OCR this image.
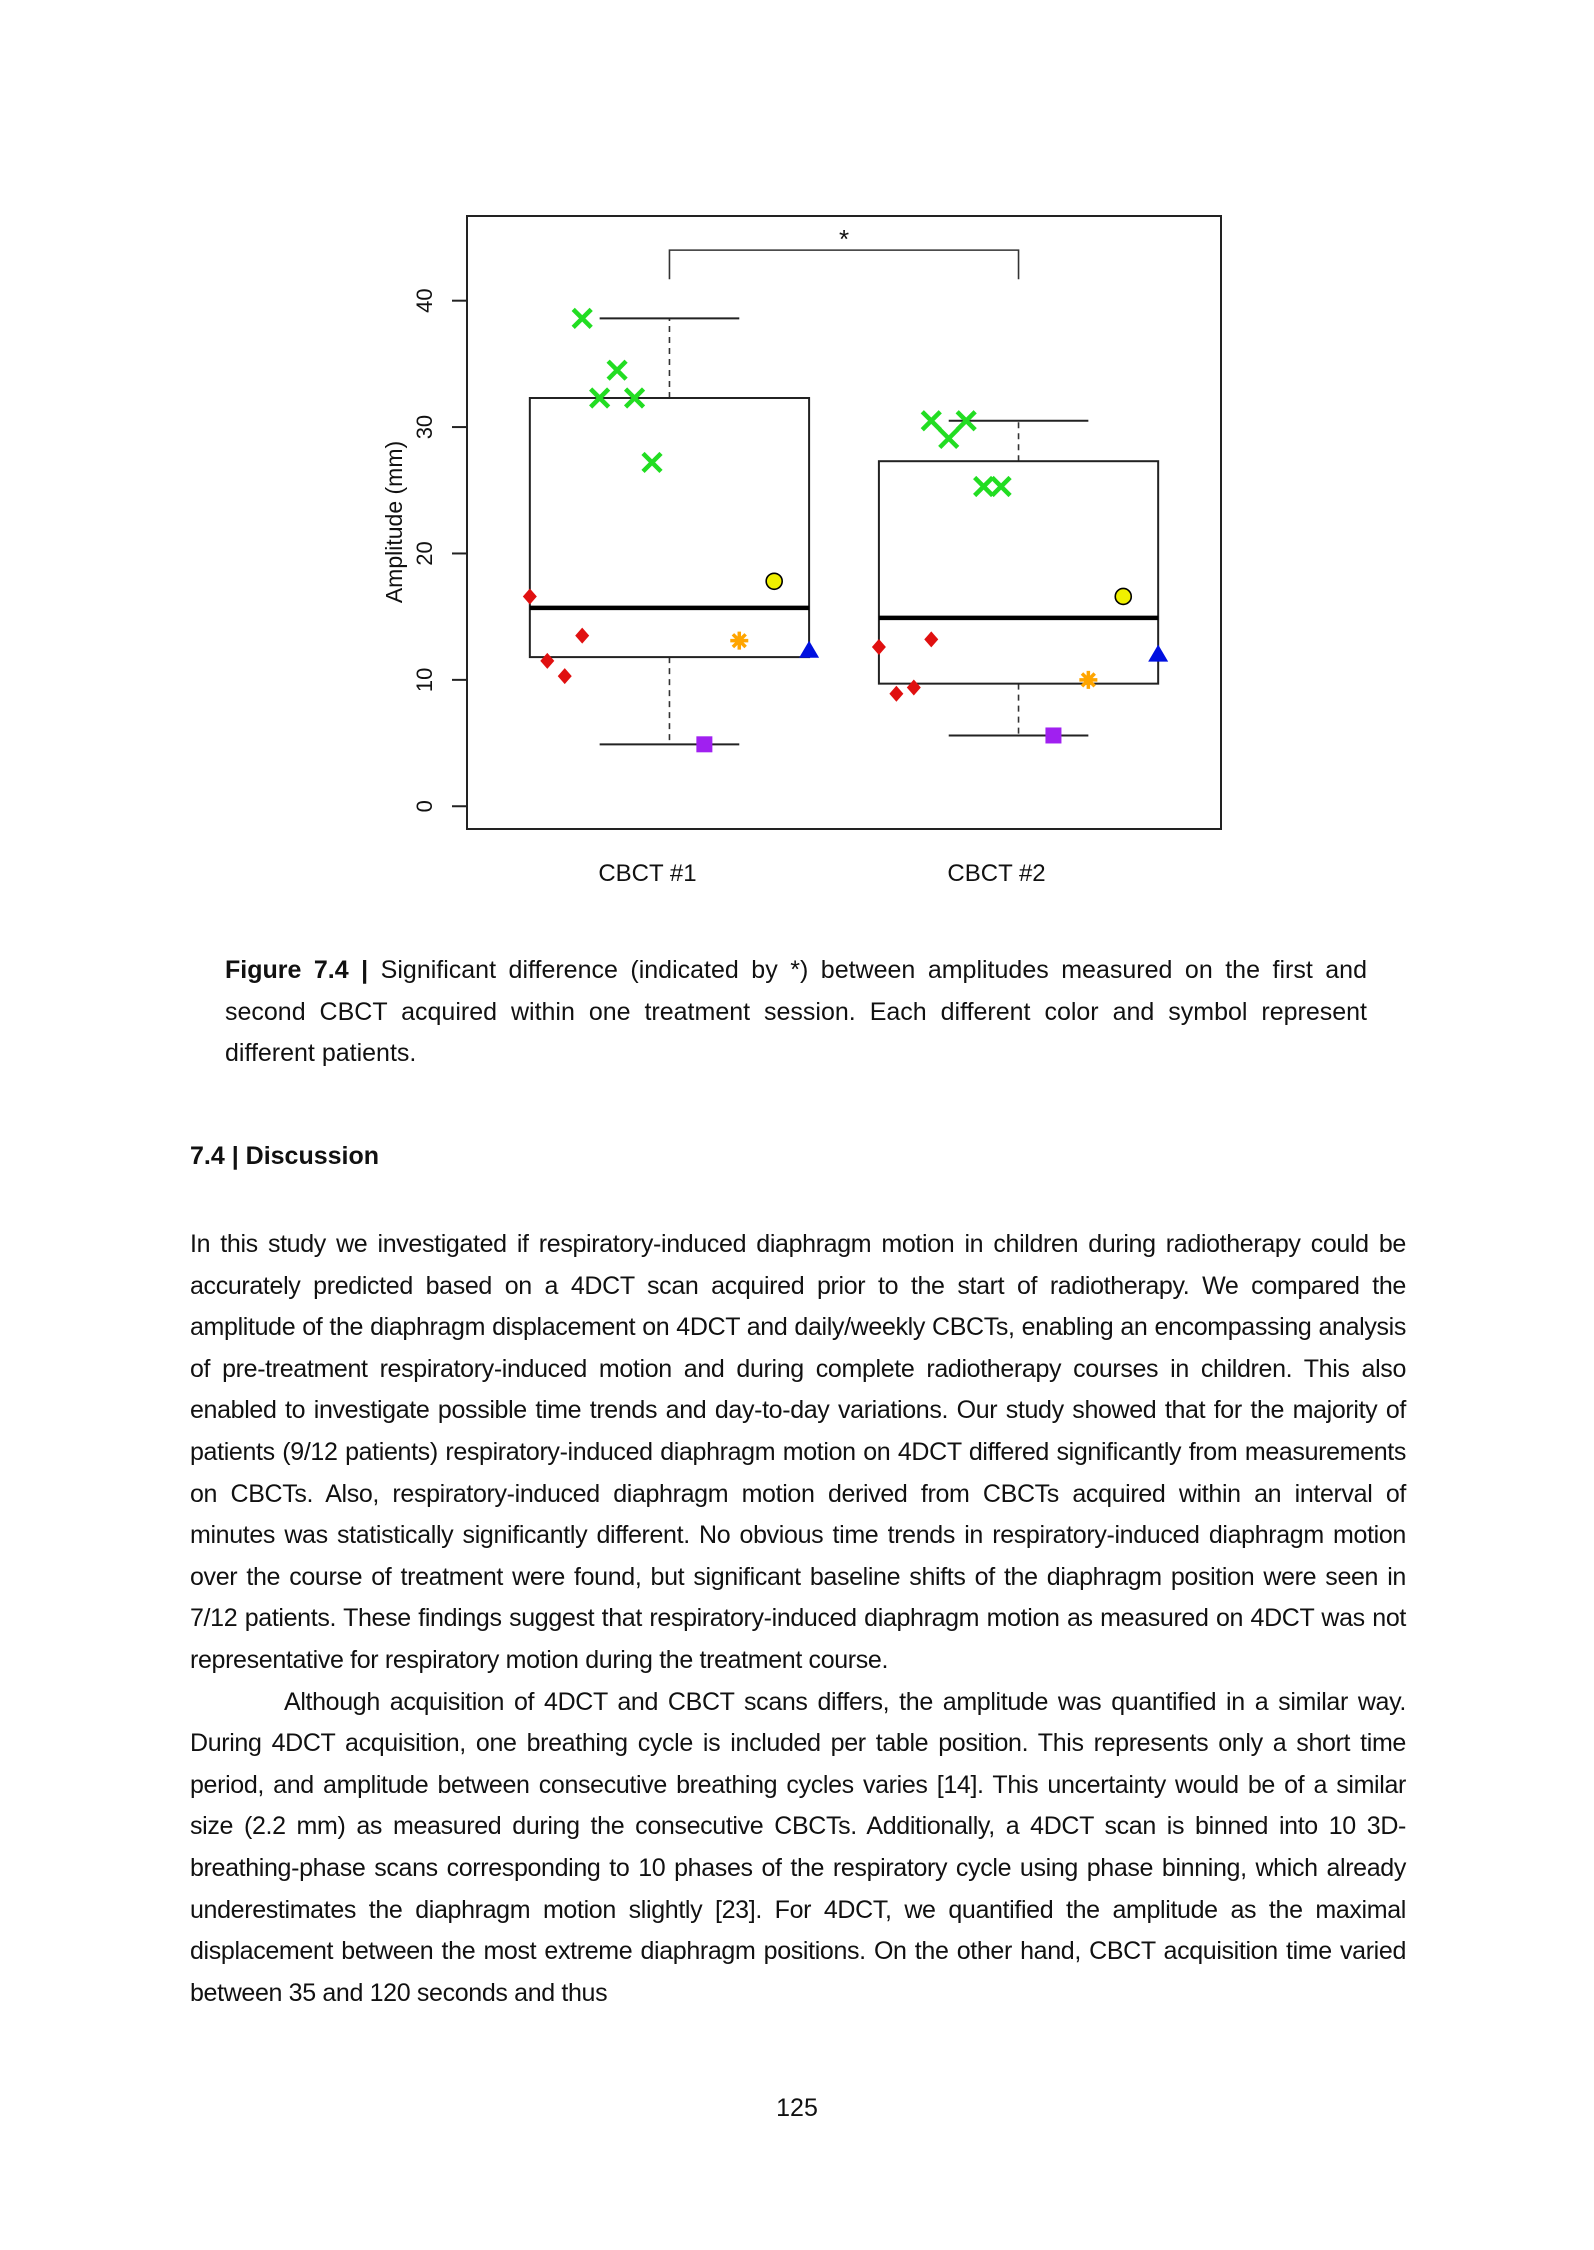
0
10
20
30
40
CBCT #1	CBCT #2
Amplitude (mm)
*
Figure 7.4 | Significant difference (indicated by *) between amplitudes measured on the first and second CBCT acquired within one treatment session. Each different color and symbol represent different patients.
7.4 | Discussion

In this study we investigated if respiratory-induced diaphragm motion in children during radiotherapy could be accurately predicted based on a 4DCT scan acquired prior to the start of radiotherapy. We compared the amplitude of the diaphragm displacement on 4DCT and daily/weekly CBCTs, enabling an encompassing analysis of pre-treatment respiratory-induced motion and during complete radiotherapy courses in children. This also enabled to investigate possible time trends and day-to-day variations. Our study showed that for the majority of patients (9/12 patients) respiratory-induced diaphragm motion on 4DCT differed significantly from measurements on CBCTs. Also, respiratory-induced diaphragm motion derived from CBCTs acquired within an interval of minutes was statistically significantly different. No obvious time trends in respiratory-induced diaphragm motion over the course of treatment were found, but significant baseline shifts of the diaphragm position were seen in 7/12 patients. These findings suggest that respiratory-induced diaphragm motion as measured on 4DCT was not representative for respiratory motion during the treatment course.

Although acquisition of 4DCT and CBCT scans differs, the amplitude was quantified in a similar way. During 4DCT acquisition, one breathing cycle is included per table position. This represents only a short time period, and amplitude between consecutive breathing cycles varies [14]. This uncertainty would be of a similar size (2.2 mm) as measured during the consecutive CBCTs. Additionally, a 4DCT scan is binned into 10 3D-breathing-phase scans corresponding to 10 phases of the respiratory cycle using phase binning, which already underestimates the diaphragm motion slightly [23]. For 4DCT, we quantified the amplitude as the maximal displacement between the most extreme diaphragm positions. On the other hand, CBCT acquisition time varied between 35 and 120 seconds and thus

125
